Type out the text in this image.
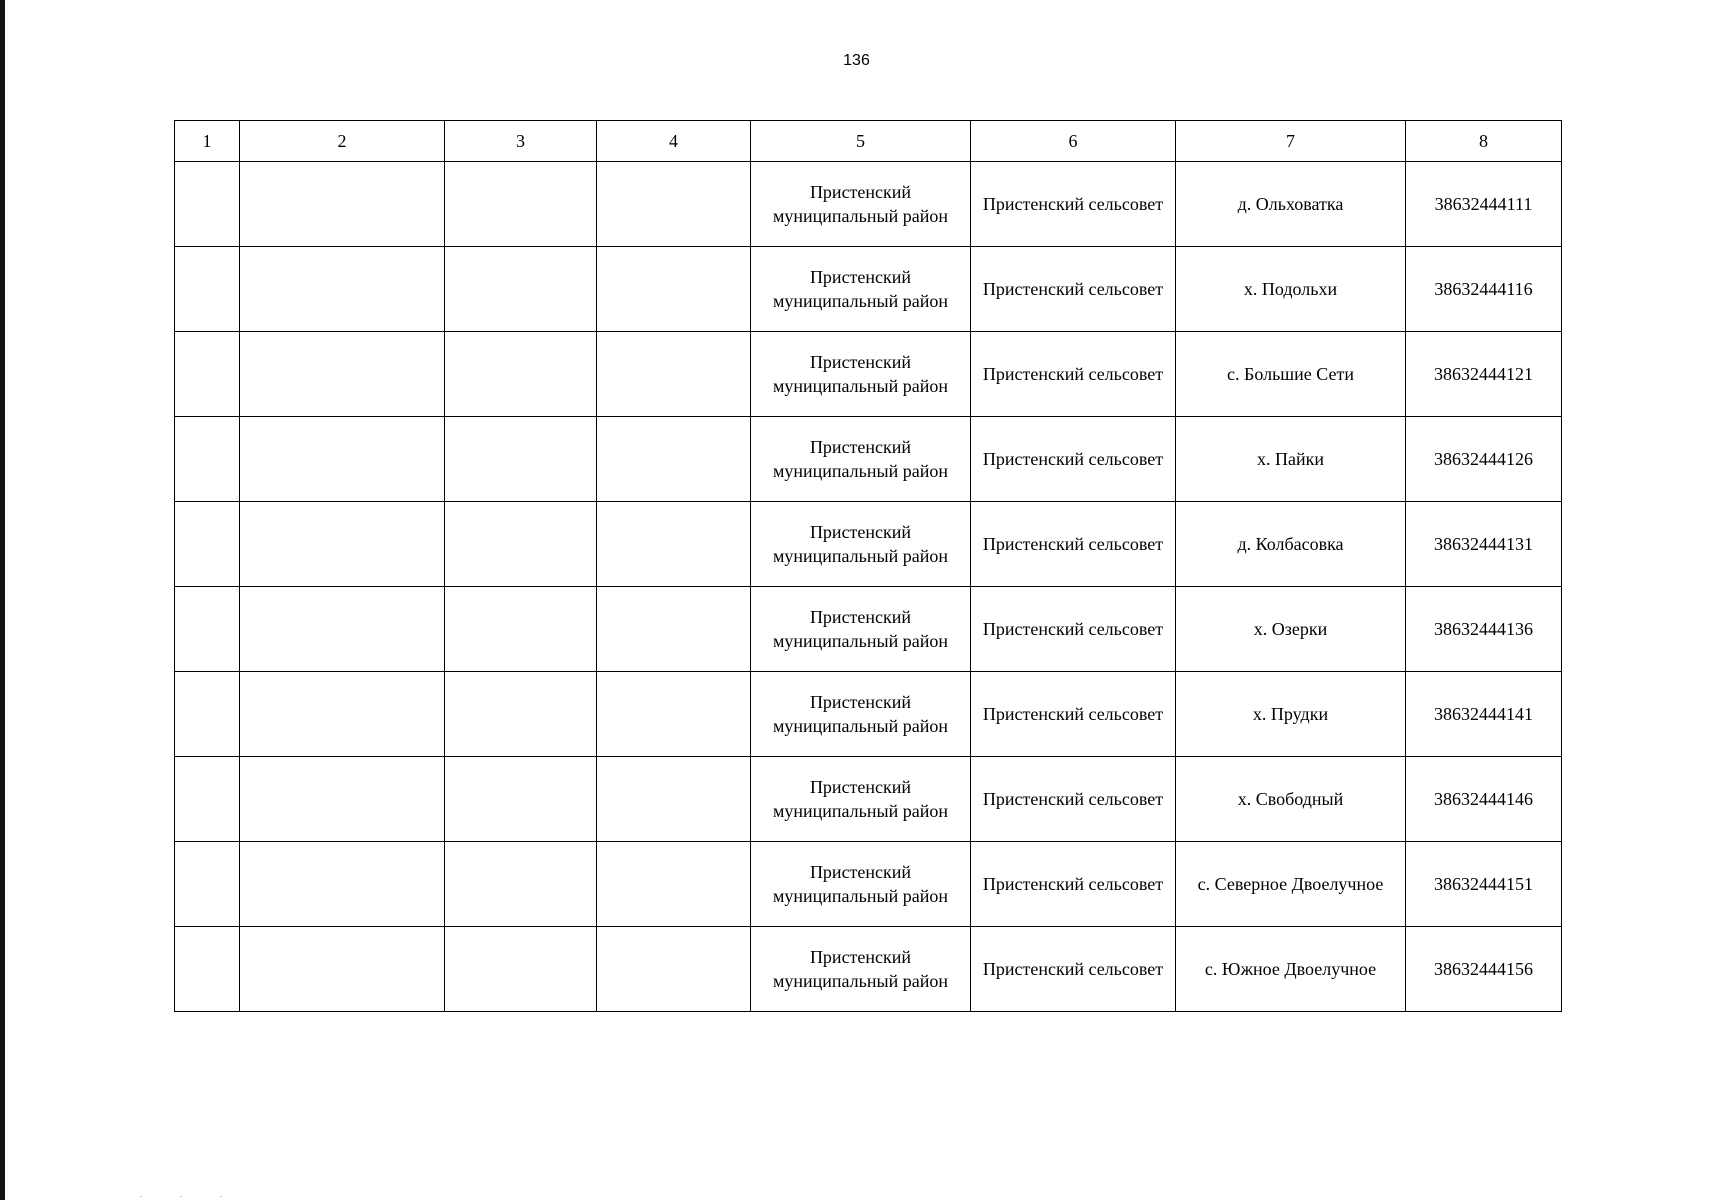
136
1	2	3	4	5	6	7	8

				Пристенский
муниципальный район	Пристенский сельсовет	д. Ольховатка	38632444111

				Пристенский
муниципальный район	Пристенский сельсовет	х. Подольхи	38632444116

				Пристенский
муниципальный район	Пристенский сельсовет	с. Большие Сети	38632444121

				Пристенский
муниципальный район	Пристенский сельсовет	х. Пайки	38632444126

				Пристенский
муниципальный район	Пристенский сельсовет	д. Колбасовка	38632444131

				Пристенский
муниципальный район	Пристенский сельсовет	х. Озерки	38632444136

				Пристенский
муниципальный район	Пристенский сельсовет	х. Прудки	38632444141

				Пристенский
муниципальный район	Пристенский сельсовет	х. Свободный	38632444146

				Пристенский
муниципальный район	Пристенский сельсовет	с. Северное Двоелучное	38632444151

				Пристенский
муниципальный район	Пристенский сельсовет	с. Южное Двоелучное	38632444156
